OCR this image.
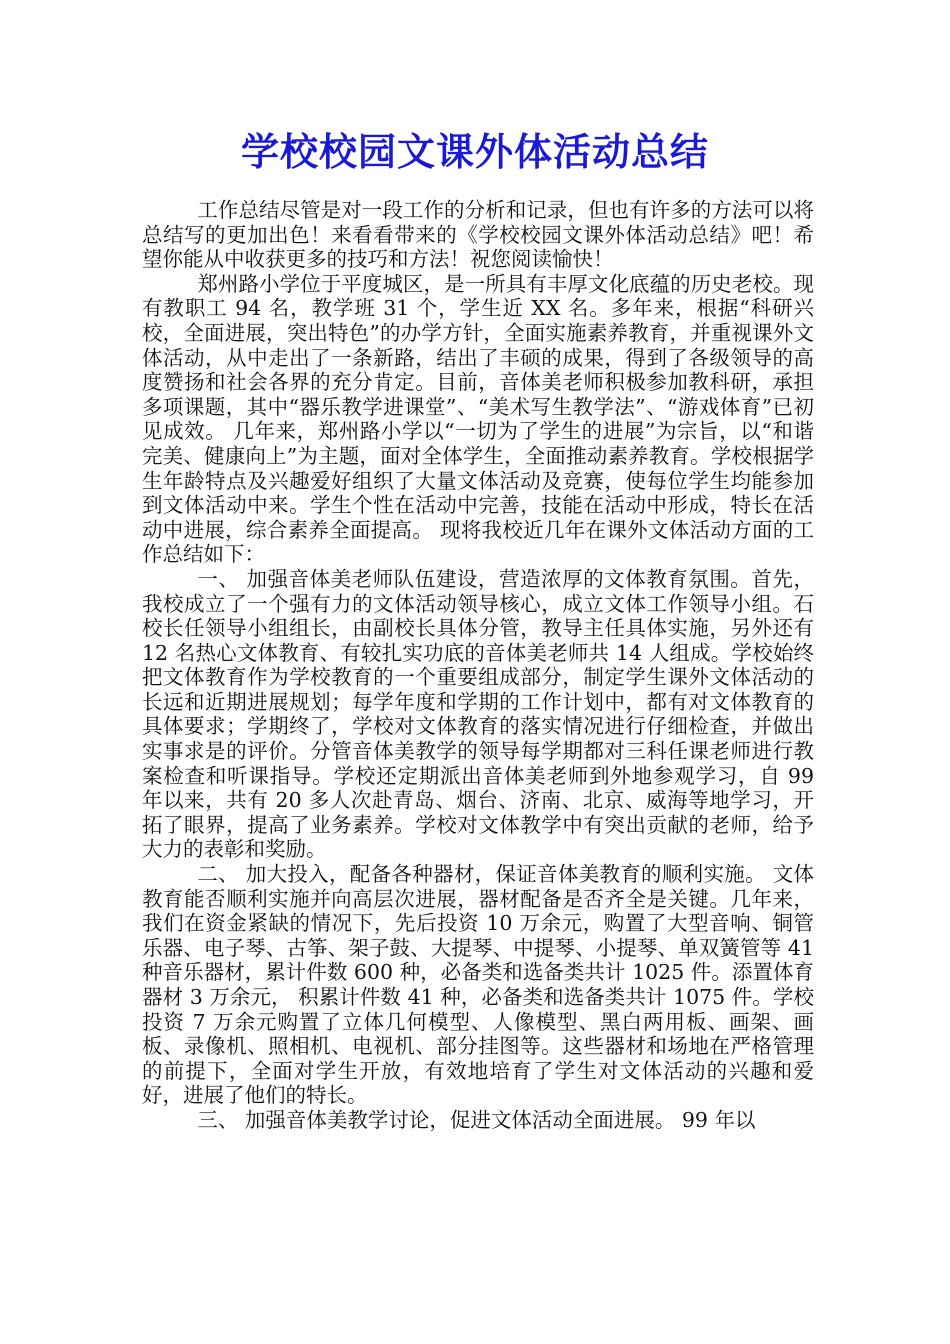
学校校园文课外体活动总结

工作总结尽管是对一段工作的分析和记录，但也有许多的方法可以将总结写的更加出色！来看看带来的《学校校园文课外体活动总结》吧！希望你能从中收获更多的技巧和方法！祝您阅读愉快！

郑州路小学位于平度城区，是一所具有丰厚文化底蕴的历史老校。现有教职工 94 名，教学班 31 个，学生近 XX 名。多年来，根据“科研兴校，全面进展，突出特色”的办学方针，全面实施素养教育，并重视课外文体活动，从中走出了一条新路，结出了丰硕的成果，得到了各级领导的高度赞扬和社会各界的充分肯定。目前，音体美老师积极参加教科研，承担多项课题，其中“器乐教学进课堂”、“美术写生教学法”、“游戏体育”已初见成效。 几年来，郑州路小学以“一切为了学生的进展”为宗旨，以“和谐完美、健康向上”为主题，面对全体学生，全面推动素养教育。学校根据学生年龄特点及兴趣爱好组织了大量文体活动及竞赛，使每位学生均能参加到文体活动中来。学生个性在活动中完善，技能在活动中形成，特长在活动中进展，综合素养全面提高。 现将我校近几年在课外文体活动方面的工作总结如下：

一、 加强音体美老师队伍建设，营造浓厚的文体教育氛围。首先，我校成立了一个强有力的文体活动领导核心，成立文体工作领导小组。石校长任领导小组组长，由副校长具体分管，教导主任具体实施，另外还有 12 名热心文体教育、有较扎实功底的音体美老师共 14 人组成。学校始终把文体教育作为学校教育的一个重要组成部分，制定学生课外文体活动的长远和近期进展规划；每学年度和学期的工作计划中，都有对文体教育的具体要求；学期终了，学校对文体教育的落实情况进行仔细检查，并做出实事求是的评价。分管音体美教学的领导每学期都对三科任课老师进行教案检查和听课指导。学校还定期派出音体美老师到外地参观学习，自 99 年以来，共有 20 多人次赴青岛、烟台、济南、北京、威海等地学习，开拓了眼界，提高了业务素养。学校对文体教学中有突出贡献的老师，给予大力的表彰和奖励。

二、 加大投入，配备各种器材，保证音体美教育的顺利实施。 文体教育能否顺利实施并向高层次进展，器材配备是否齐全是关键。几年来，我们在资金紧缺的情况下，先后投资 10 万余元，购置了大型音响、铜管乐器、电子琴、古筝、架子鼓、大提琴、中提琴、小提琴、单双簧管等 41 种音乐器材，累计件数 600 种，必备类和选备类共计 1025 件。添置体育器材 3 万余元， 积累计件数 41 种，必备类和选备类共计 1075 件。学校投资 7 万余元购置了立体几何模型、人像模型、黑白两用板、画架、画板、录像机、照相机、电视机、部分挂图等。这些器材和场地在严格管理的前提下，全面对学生开放，有效地培育了学生对文体活动的兴趣和爱好，进展了他们的特长。

三、 加强音体美教学讨论，促进文体活动全面进展。 99 年以
